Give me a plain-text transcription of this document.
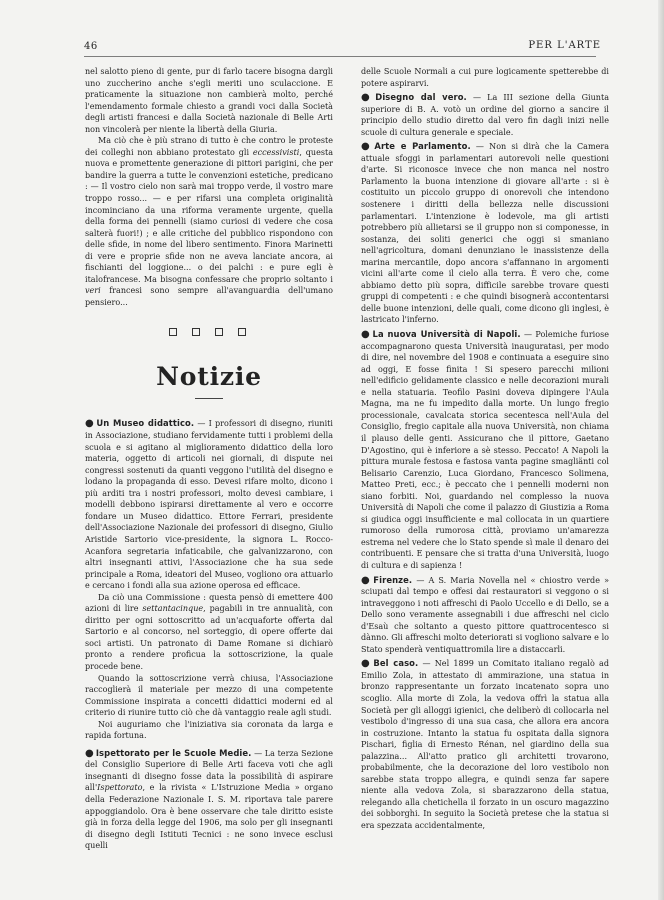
46	PER L'ARTE

nel salotto pieno di gente, pur di farlo tacere bisogna dargli uno zuccherino anche s'egli meriti uno sculaccione. E praticamente la situazione non cambierà molto, perché l'emendamento formale chiesto a grandi voci dalla Società degli artisti francesi e dalla Società nazionale di Belle Arti non vincolerà per niente la libertà della Giuria.

Ma ciò che è più strano di tutto è che contro le proteste dei colleghi non abbiano protestato gli eccessivisti, questa nuova e promettente generazione di pittori parigini, che per bandire la guerra a tutte le convenzioni estetiche, predicano : — Il vostro cielo non sarà mai troppo verde, il vostro mare troppo rosso... — e per rifarsi una completa originalità incominciano da una riforma veramente urgente, quella della forma dei pennelli (siamo curiosi di vedere che cosa salterà fuori!) ; e alle critiche del pubblico rispondono con delle sfide, in nome del libero sentimento. Finora Marinetti di vere e proprie sfide non ne aveva lanciate ancora, ai fischianti del loggione... o dei palchi : e pure egli è italofrancese. Ma bisogna confessare che proprio soltanto i veri francesi sono sempre all'avanguardia dell'umano pensiero...

Notizie

● Un Museo didattico. — I professori di disegno, riuniti in Associazione, studiano fervidamente tutti i problemi della scuola e si agitano al miglioramento didattico della loro materia, oggetto di articoli nei giornali, di dispute nei congressi sostenuti da quanti veggono l'utilità del disegno e lodano la propaganda di esso. Devesi rifare molto, dicono i più arditi tra i nostri professori, molto devesi cambiare, i modelli debbono ispirarsi direttamente al vero e occorre fondare un Museo didattico. Ettore Ferrari, presidente dell'Associazione Nazionale dei professori di disegno, Giulio Aristide Sartorio vice-presidente, la signora L. Rocco-Acanfora segretaria infaticabile, che galvanizzarono, con altri insegnanti attivi, l'Associazione che ha sua sede principale a Roma, ideatori del Museo, vogliono ora attuarlo e cercano i fondi alla sua azione operosa ed efficace.

Da ciò una Commissione : questa pensò di emettere 400 azioni di lire settantacinque, pagabili in tre annualità, con diritto per ogni sottoscritto ad un'acquaforte offerta dal Sartorio e al concorso, nel sorteggio, di opere offerte dai soci artisti. Un patronato di Dame Romane si dichiarò pronto a rendere proficua la sottoscrizione, la quale procede bene.

Quando la sottoscrizione verrà chiusa, l'Associazione raccoglierà il materiale per mezzo di una competente Commissione inspirata a concetti didattici moderni ed al criterio di riunire tutto ciò che dà vantaggio reale agli studi.

Noi auguriamo che l'iniziativa sia coronata da larga e rapida fortuna.

● Ispettorato per le Scuole Medie. — La terza Sezione del Consiglio Superiore di Belle Arti faceva voti che agli insegnanti di disegno fosse data la possibilità di aspirare all'Ispettorato, e la rivista « L'Istruzione Media » organo della Federazione Nazionale I. S. M. riportava tale parere appoggiandolo. Ora è bene osservare che tale diritto esiste già in forza della legge del 1906, ma solo per gli insegnanti di disegno degli Istituti Tecnici : ne sono invece esclusi quelli

delle Scuole Normali a cui pure logicamente spetterebbe di potere aspirarvi.

● Disegno dal vero. — La III sezione della Giunta superiore di B. A. votò un ordine del giorno a sancire il principio dello studio diretto dal vero fin dagli inizi nelle scuole di cultura generale e speciale.

● Arte e Parlamento. — Non si dirà che la Camera attuale sfoggi in parlamentari autorevoli nelle questioni d'arte. Si riconosce invece che non manca nel nostro Parlamento la buona intenzione di giovare all'arte : si è costituito un piccolo gruppo di onorevoli che intendono sostenere i diritti della bellezza nelle discussioni parlamentari. L'intenzione è lodevole, ma gli artisti potrebbero più allietarsi se il gruppo non si componesse, in sostanza, dei soliti generici che oggi si smaniano nell'agricoltura, domani denunziano le inassistenze della marina mercantile, dopo ancora s'affannano in argomenti vicini all'arte come il cielo alla terra. È vero che, come abbiamo detto più sopra, difficile sarebbe trovare questi gruppi di competenti : e che quindi bisognerà accontentarsi delle buone intenzioni, delle quali, come dicono gli inglesi, è lastricato l'inferno.

● La nuova Università di Napoli. — Polemiche furiose accompagnarono questa Università inauguratasi, per modo di dire, nel novembre del 1908 e continuata a eseguire sino ad oggi, E fosse finita ! Si spesero parecchi milioni nell'edificio gelidamente classico e nelle decorazioni murali e nella statuaria. Teofilo Pasini doveva dipingere l'Aula Magna, ma ne fu impedito dalla morte. Un lungo fregio processionale, cavalcata storica secentesca nell'Aula del Consiglio, fregio capitale alla nuova Università, non chiama il plauso delle genti. Assicurano che il pittore, Gaetano D'Agostino, qui è inferiore a sè stesso. Peccato! A Napoli la pittura murale festosa e fastosa vanta pagine smagliänti col Belisario Carenzio, Luca Giordano, Francesco Solimena, Matteo Preti, ecc.; è peccato che i pennelli moderni non siano forbiti. Noi, guardando nel complesso la nuova Università di Napoli che come il palazzo di Giustizia a Roma si giudica oggi insufficiente e mal collocata in un quartiere rumoroso della rumorosa città, proviamo un'amarezza estrema nel vedere che lo Stato spende sì male il denaro dei contribuenti. E pensare che si tratta d'una Università, luogo di cultura e di sapienza !

● Firenze. — A S. Maria Novella nel « chiostro verde » sciupati dal tempo e offesi dai restauratori si veggono o si intraveggono i noti affreschi di Paolo Uccello e di Dello, se a Dello sono veramente assegnabili i due affreschi nel ciclo d'Esaù che soltanto a questo pittore quattrocentesco si dànno. Gli affreschi molto deteriorati si vogliono salvare e lo Stato spenderà ventiquattromila lire a distaccarli.

● Bel caso. — Nel 1899 un Comitato italiano regalò ad Emilio Zola, in attestato di ammirazione, una statua in bronzo rappresentante un forzato incatenato sopra uno scoglio. Alla morte di Zola, la vedova offrì la statua alla Società per gli alloggi igienici, che deliberò di collocarla nel vestibolo d'ingresso di una sua casa, che allora era ancora in costruzione. Intanto la statua fu ospitata dalla signora Pischari, figlia di Ernesto Rénan, nel giardino della sua palazzina... All'atto pratico gli architetti trovarono, probabilmente, che la decorazione del loro vestibolo non sarebbe stata troppo allegra, e quindi senza far sapere niente alla vedova Zola, si sbarazzarono della statua, relegando alla chetichella il forzato in un oscuro magazzino dei sobborghi. In seguito la Società pretese che la statua si era spezzata accidentalmente,
